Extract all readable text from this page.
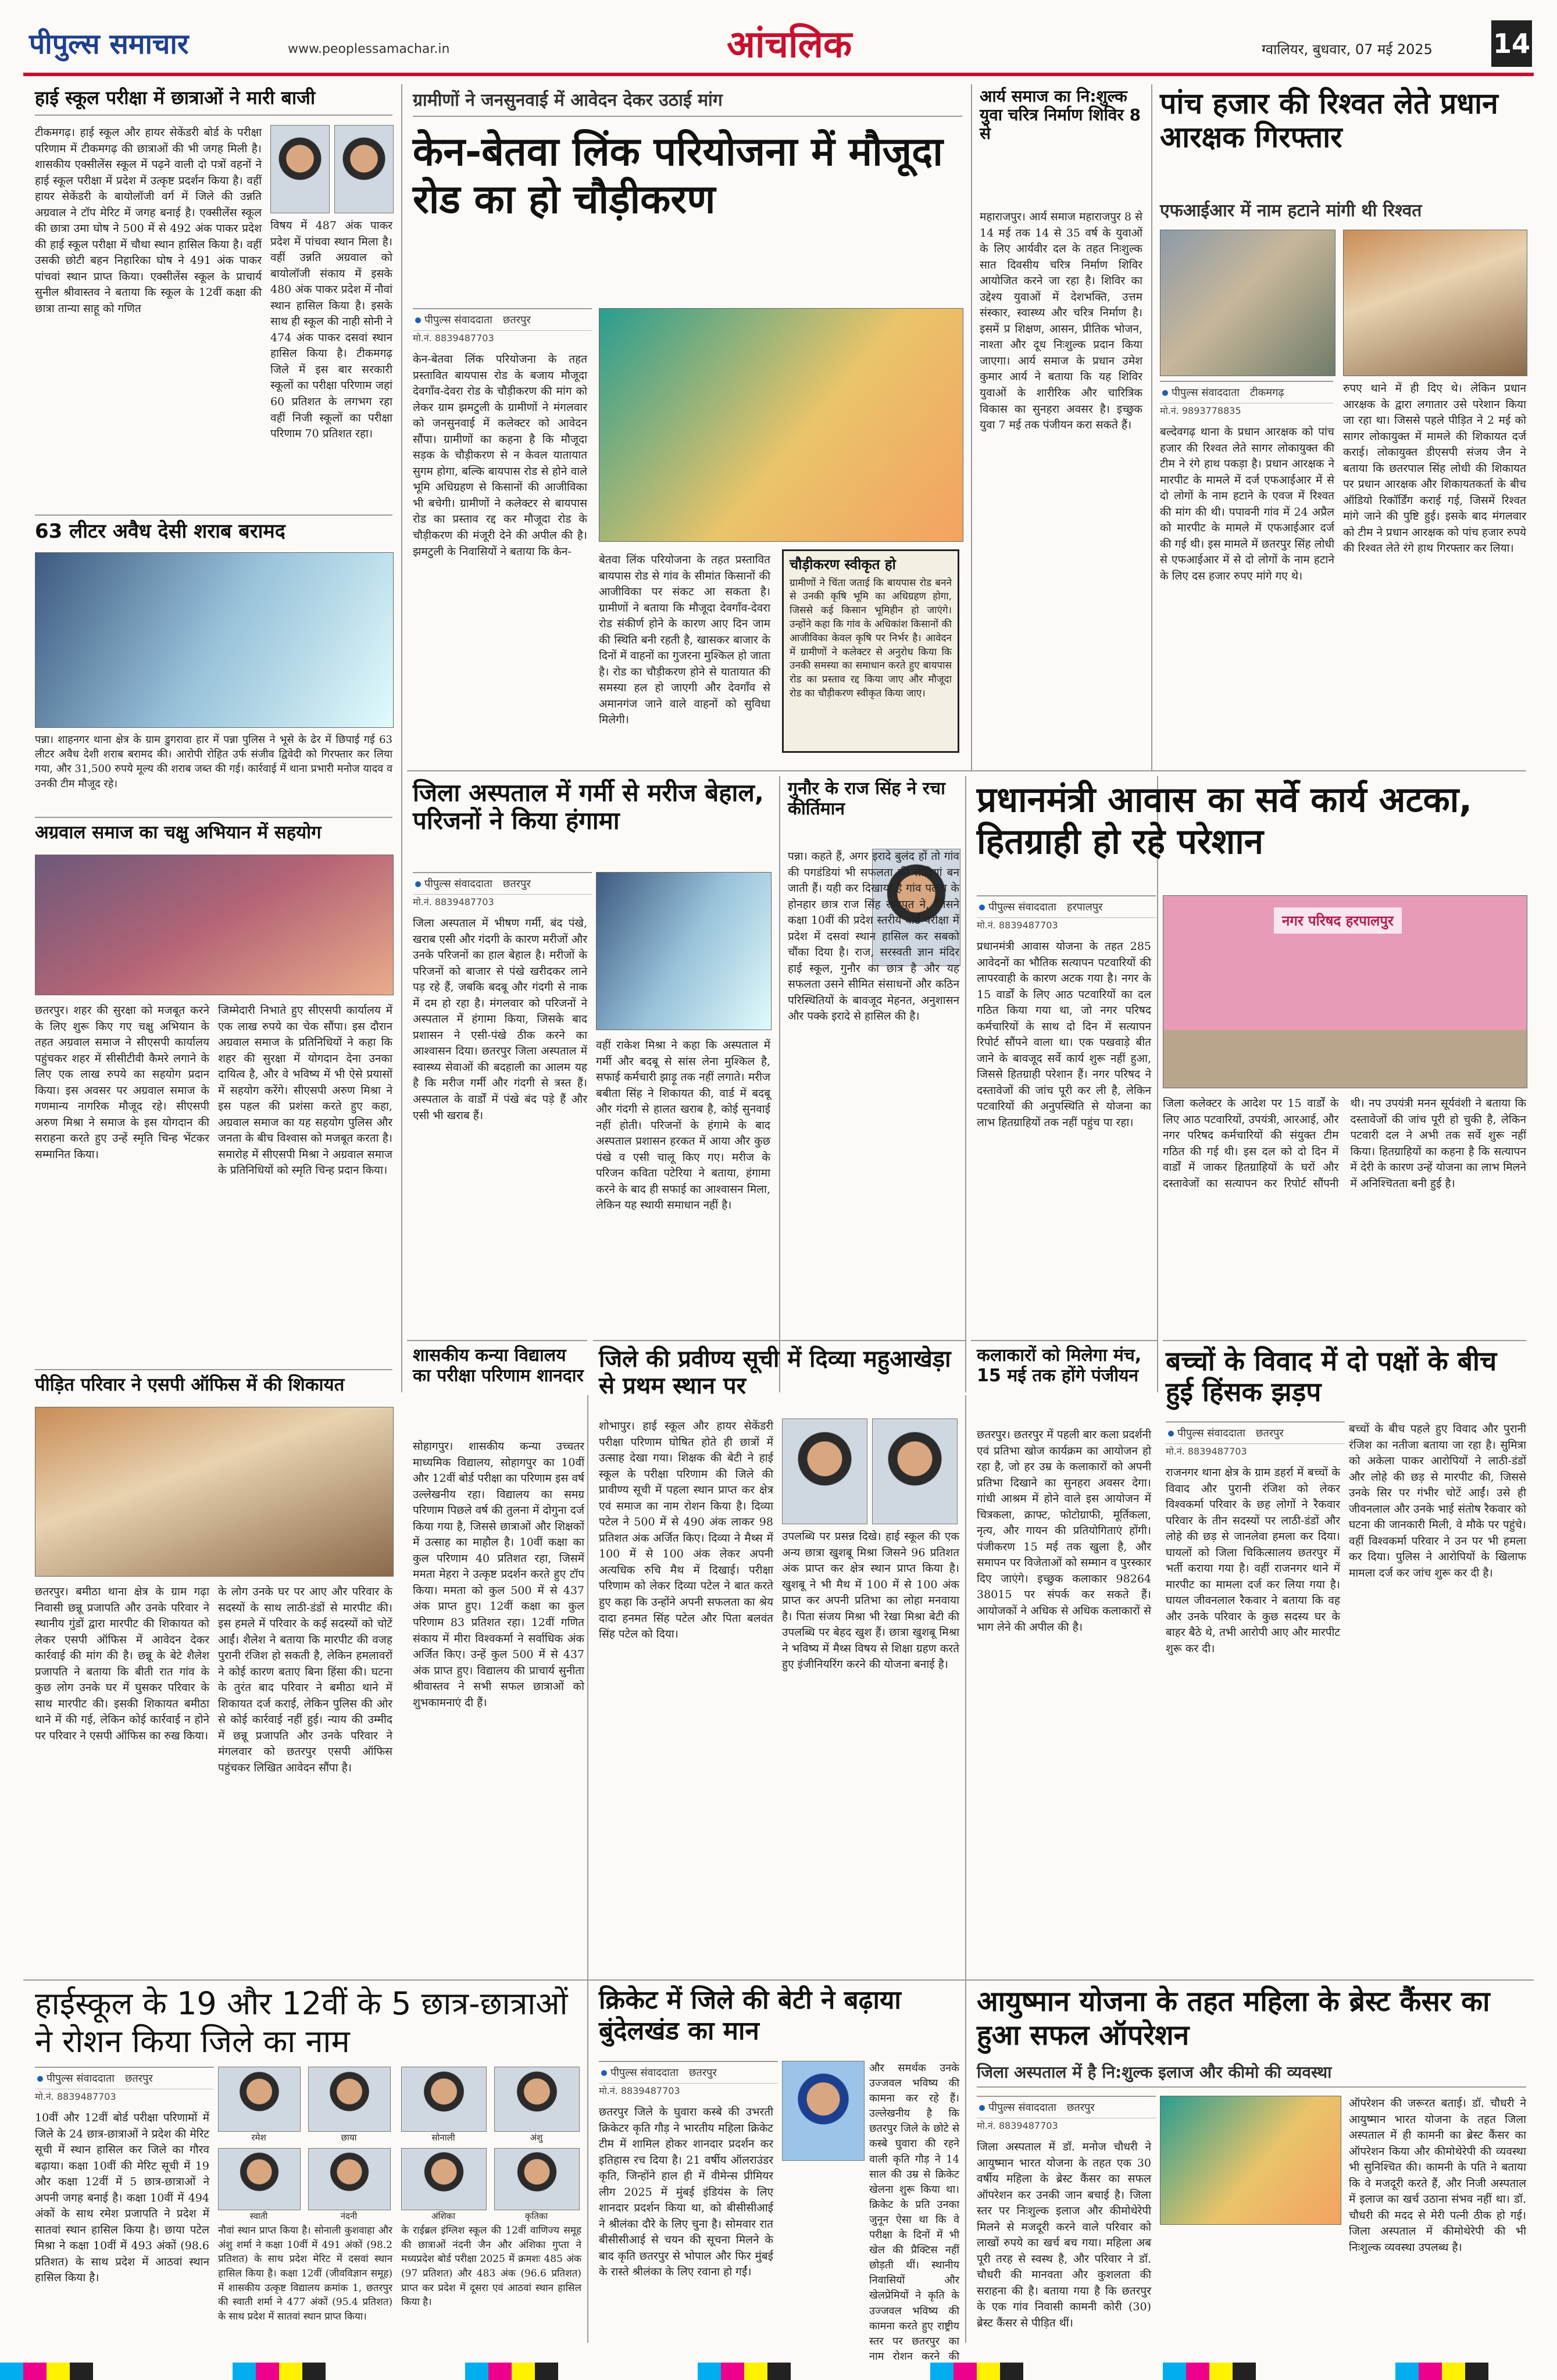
पीपुल्स समाचार	www.peoplessamachar.in	आंचलिक	ग्वालियर, बुधवार, 07 मई 2025 14
हाई स्कूल परीक्षा में छात्राओं ने मारी बाजी
टीकमगढ़। हाई स्कूल और हायर सेकेंडरी बोर्ड के परीक्षा परिणाम में टीकमगढ़ की छात्राओं की भी जगह मिली है। शासकीय एक्सीलेंस स्कूल में पढ़ने वाली दो पत्रों वहनों ने हाई स्कूल परीक्षा में प्रदेश में उत्कृष्ट प्रदर्शन किया है। वहीं हायर सेकेंडरी के बायोलॉजी वर्ग में जिले की उन्नति अग्रवाल ने टॉप मेरिट में जगह बनाई है। एक्सीलेंस स्कूल की छात्रा उमा घोष ने 500 में से 492 अंक पाकर प्रदेश की हाई स्कूल परीक्षा में चौथा स्थान हासिल किया है। वहीं उसकी छोटी बहन निहारिका घोष ने 491 अंक पाकर पांचवां स्थान प्राप्त किया। एक्सीलेंस स्कूल के प्राचार्य सुनील श्रीवास्तव ने बताया कि स्कूल के 12वीं कक्षा की छात्रा तान्या साहू को गणित
विषय में 487 अंक पाकर प्रदेश में पांचवा स्थान मिला है। वहीं उन्नति अग्रवाल को बायोलॉजी संकाय में इसके 480 अंक पाकर प्रदेश में नौवां स्थान हासिल किया है। इसके साथ ही स्कूल की नाही सोनी ने 474 अंक पाकर दसवां स्थान हासिल किया है। टीकमगढ़ जिले में इस बार सरकारी स्कूलों का परीक्षा परिणाम जहां 60 प्रतिशत के लगभग रहा वहीं निजी स्कूलों का परीक्षा परिणाम 70 प्रतिशत रहा।
63 लीटर अवैध देसी शराब बरामद
पन्ना। शाहनगर थाना क्षेत्र के ग्राम डुगरावा हार में पन्ना पुलिस ने भूसे के ढेर में छिपाई गई 63 लीटर अवैध देशी शराब बरामद की। आरोपी रोहित उर्फ संजीव द्विवेदी को गिरफ्तार कर लिया गया, और 31,500 रुपये मूल्य की शराब जब्त की गई। कार्रवाई में थाना प्रभारी मनोज यादव व उनकी टीम मौजूद रहे।
अग्रवाल समाज का चक्षु अभियान में सहयोग
छतरपुर। शहर की सुरक्षा को मजबूत करने के लिए शुरू किए गए चक्षु अभियान के तहत अग्रवाल समाज ने सीएसपी कार्यालय पहुंचकर शहर में सीसीटीवी कैमरे लगाने के लिए एक लाख रुपये का सहयोग प्रदान किया। इस अवसर पर अग्रवाल समाज के गणमान्य नागरिक मौजूद रहे। सीएसपी अरुण मिश्रा ने समाज के इस योगदान की सराहना करते हुए उन्हें स्मृति चिन्ह भेंटकर सम्मानित किया।
जिम्मेदारी निभाते हुए सीएसपी कार्यालय में एक लाख रुपये का चेक सौंपा। इस दौरान अग्रवाल समाज के प्रतिनिधियों ने कहा कि शहर की सुरक्षा में योगदान देना उनका दायित्व है, और वे भविष्य में भी ऐसे प्रयासों में सहयोग करेंगे। सीएसपी अरुण मिश्रा ने इस पहल की प्रशंसा करते हुए कहा, अग्रवाल समाज का यह सहयोग पुलिस और जनता के बीच विश्वास को मजबूत करता है। समारोह में सीएसपी मिश्रा ने अग्रवाल समाज के प्रतिनिधियों को स्मृति चिन्ह प्रदान किया।
पीड़ित परिवार ने एसपी ऑफिस में की शिकायत
छतरपुर। बमीठा थाना क्षेत्र के ग्राम गढ़ा निवासी छन्नू प्रजापति और उनके परिवार ने स्थानीय गुंडों द्वारा मारपीट की शिकायत को लेकर एसपी ऑफिस में आवेदन देकर कार्रवाई की मांग की है। छन्नू के बेटे शैलेश प्रजापति ने बताया कि बीती रात गांव के कुछ लोग उनके घर में घुसकर परिवार के साथ मारपीट की। इसकी शिकायत बमीठा थाने में की गई, लेकिन कोई कार्रवाई न होने पर परिवार ने एसपी ऑफिस का रुख किया।
के लोग उनके घर पर आए और परिवार के सदस्यों के साथ लाठी-डंडों से मारपीट की। इस हमले में परिवार के कई सदस्यों को चोटें आईं। शैलेश ने बताया कि मारपीट की वजह पुरानी रंजिश हो सकती है, लेकिन हमलावरों ने कोई कारण बताए बिना हिंसा की। घटना के तुरंत बाद परिवार ने बमीठा थाने में शिकायत दर्ज कराई, लेकिन पुलिस की ओर से कोई कार्रवाई नहीं हुई। न्याय की उम्मीद में छन्नू प्रजापति और उनके परिवार ने मंगलवार को छतरपुर एसपी ऑफिस पहुंचकर लिखित आवेदन सौंपा है।
ग्रामीणों ने जनसुनवाई में आवेदन देकर उठाई मांग
केन-बेतवा लिंक परियोजना में मौजूदा रोड का हो चौड़ीकरण
पीपुल्स संवाददाता छतरपुर
मो.नं. 8839487703
केन-बेतवा लिंक परियोजना के तहत प्रस्तावित बायपास रोड के बजाय मौजूदा देवगाँव-देवरा रोड के चौड़ीकरण की मांग को लेकर ग्राम झमटुली के ग्रामीणों ने मंगलवार को जनसुनवाई में कलेक्टर को आवेदन सौंपा। ग्रामीणों का कहना है कि मौजूदा सड़क के चौड़ीकरण से न केवल यातायात सुगम होगा, बल्कि बायपास रोड से होने वाले भूमि अधिग्रहण से किसानों की आजीविका भी बचेगी। ग्रामीणों ने कलेक्टर से बायपास रोड का प्रस्ताव रद्द कर मौजूदा रोड के चौड़ीकरण की मंजूरी देने की अपील की है। झमटुली के निवासियों ने बताया कि केन-
बेतवा लिंक परियोजना के तहत प्रस्तावित बायपास रोड से गांव के सीमांत किसानों की आजीविका पर संकट आ सकता है। ग्रामीणों ने बताया कि मौजूदा देवगाँव-देवरा रोड संकीर्ण होने के कारण आए दिन जाम की स्थिति बनी रहती है, खासकर बाजार के दिनों में वाहनों का गुजरना मुश्किल हो जाता है। रोड का चौड़ीकरण होने से यातायात की समस्या हल हो जाएगी और देवगाँव से अमानगंज जाने वाले वाहनों को सुविधा मिलेगी।
चौड़ीकरण स्वीकृत हो
ग्रामीणों ने चिंता जताई कि बायपास रोड बनने से उनकी कृषि भूमि का अधिग्रहण होगा, जिससे कई किसान भूमिहीन हो जाएंगे। उन्होंने कहा कि गांव के अधिकांश किसानों की आजीविका केवल कृषि पर निर्भर है। आवेदन में ग्रामीणों ने कलेक्टर से अनुरोध किया कि उनकी समस्या का समाधान करते हुए बायपास रोड का प्रस्ताव रद्द किया जाए और मौजूदा रोड का चौड़ीकरण स्वीकृत किया जाए।
आर्य समाज का नि:शुल्क युवा चरित्र निर्माण शिविर 8 से
महाराजपुर। आर्य समाज महाराजपुर 8 से 14 मई तक 14 से 35 वर्ष के युवाओं के लिए आर्यवीर दल के तहत निःशुल्क सात दिवसीय चरित्र निर्माण शिविर आयोजित करने जा रहा है। शिविर का उद्देश्य युवाओं में देशभक्ति, उत्तम संस्कार, स्वास्थ्य और चरित्र निर्माण है। इसमें प्र शिक्षण, आसन, प्रीतिक भोजन, नाश्ता और दूध निःशुल्क प्रदान किया जाएगा। आर्य समाज के प्रधान उमेश कुमार आर्य ने बताया कि यह शिविर युवाओं के शारीरिक और चारित्रिक विकास का सुनहरा अवसर है। इच्छुक युवा 7 मई तक पंजीयन करा सकते हैं।
पांच हजार की रिश्वत लेते प्रधान आरक्षक गिरफ्तार
एफआईआर में नाम हटाने मांगी थी रिश्वत
पीपुल्स संवाददाता टीकमगढ़
मो.नं. 9893778835
बल्देवगढ़ थाना के प्रधान आरक्षक को पांच हजार की रिश्वत लेते सागर लोकायुक्त की टीम ने रंगे हाथ पकड़ा है। प्रधान आरक्षक ने मारपीट के मामले में दर्ज एफआईआर में से दो लोगों के नाम हटाने के एवज में रिश्वत की मांग की थी। पपावनी गांव में 24 अप्रैल को मारपीट के मामले में एफआईआर दर्ज की गई थी। इस मामले में छतरपुर सिंह लोधी से एफआईआर में से दो लोगों के नाम हटाने के लिए दस हजार रुपए मांगे गए थे।
रुपए थाने में ही दिए थे। लेकिन प्रधान आरक्षक के द्वारा लगातार उसे परेशान किया जा रहा था। जिससे पहले पीड़ित ने 2 मई को सागर लोकायुक्त में मामले की शिकायत दर्ज कराई। लोकायुक्त डीएसपी संजय जैन ने बताया कि छतरपाल सिंह लोधी की शिकायत पर प्रधान आरक्षक और शिकायतकर्ता के बीच ऑडियो रिकॉर्डिंग कराई गई, जिसमें रिश्वत मांगे जाने की पुष्टि हुई। इसके बाद मंगलवार को टीम ने प्रधान आरक्षक को पांच हजार रुपये की रिश्वत लेते रंगे हाथ गिरफ्तार कर लिया।
जिला अस्पताल में गर्मी से मरीज बेहाल, परिजनों ने किया हंगामा
पीपुल्स संवाददाता छतरपुर
मो.नं. 8839487703
जिला अस्पताल में भीषण गर्मी, बंद पंखे, खराब एसी और गंदगी के कारण मरीजों और उनके परिजनों का हाल बेहाल है। मरीजों के परिजनों को बाजार से पंखे खरीदकर लाने पड़ रहे हैं, जबकि बदबू और गंदगी से नाक में दम हो रहा है। मंगलवार को परिजनों ने अस्पताल में हंगामा किया, जिसके बाद प्रशासन ने एसी-पंखे ठीक करने का आश्वासन दिया। छतरपुर जिला अस्पताल में स्वास्थ्य सेवाओं की बदहाली का आलम यह है कि मरीज गर्मी और गंदगी से त्रस्त हैं। अस्पताल के वार्डों में पंखे बंद पड़े हैं और एसी भी खराब हैं।
वहीं राकेश मिश्रा ने कहा कि अस्पताल में गर्मी और बदबू से सांस लेना मुश्किल है, सफाई कर्मचारी झाड़ू तक नहीं लगाते। मरीज बबीता सिंह ने शिकायत की, वार्ड में बदबू और गंदगी से हालत खराब है, कोई सुनवाई नहीं होती। परिजनों के हंगामे के बाद अस्पताल प्रशासन हरकत में आया और कुछ पंखे व एसी चालू किए गए। मरीज के परिजन कविता पटेरिया ने बताया, हंगामा करने के बाद ही सफाई का आश्वासन मिला, लेकिन यह स्थायी समाधान नहीं है।
गुनौर के राज सिंह ने रचा कीर्तिमान
पन्ना। कहते हैं, अगर इरादे बुलंद हों तो गांव की पगडंडियां भी सफलता की सीढ़ियां बन जाती हैं। यही कर दिखाया है गांव पल्ला के होनहार छात्र राज सिंह राजपूत ने, जिसने कक्षा 10वीं की प्रदेश स्तरीय बोर्ड परीक्षा में प्रदेश में दसवां स्थान हासिल कर सबको चौंका दिया है। राज, सरस्वती ज्ञान मंदिर हाई स्कूल, गुनौर का छात्र है और यह सफलता उसने सीमित संसाधनों और कठिन परिस्थितियों के बावजूद मेहनत, अनुशासन और पक्के इरादे से हासिल की है।
प्रधानमंत्री आवास का सर्वे कार्य अटका, हितग्राही हो रहे परेशान
पीपुल्स संवाददाता हरपालपुर
मो.नं. 8839487703
प्रधानमंत्री आवास योजना के तहत 285 आवेदनों का भौतिक सत्यापन पटवारियों की लापरवाही के कारण अटक गया है। नगर के 15 वार्डों के लिए आठ पटवारियों का दल गठित किया गया था, जो नगर परिषद कर्मचारियों के साथ दो दिन में सत्यापन रिपोर्ट सौंपने वाला था। एक पखवाड़े बीत जाने के बावजूद सर्वे कार्य शुरू नहीं हुआ, जिससे हितग्राही परेशान हैं। नगर परिषद ने दस्तावेजों की जांच पूरी कर ली है, लेकिन पटवारियों की अनुपस्थिति से योजना का लाभ हितग्राहियों तक नहीं पहुंच पा रहा।
नगर परिषद हरपालपुर
जिला कलेक्टर के आदेश पर 15 वार्डों के लिए आठ पटवारियों, उपयंत्री, आरआई, और नगर परिषद कर्मचारियों की संयुक्त टीम गठित की गई थी। इस दल को दो दिन में वार्डों में जाकर हितग्राहियों के घरों और दस्तावेजों का सत्यापन कर रिपोर्ट सौंपनी थी। नप उपयंत्री मनन सूर्यवंशी ने बताया कि दस्तावेजों की जांच पूरी हो चुकी है, लेकिन पटवारी दल ने अभी तक सर्वे शुरू नहीं किया। हितग्राहियों का कहना है कि सत्यापन में देरी के कारण उन्हें योजना का लाभ मिलने में अनिश्चितता बनी हुई है।
शासकीय कन्या विद्यालय का परीक्षा परिणाम शानदार
सोहागपुर। शासकीय कन्या उच्चतर माध्यमिक विद्यालय, सोहागपुर का 10वीं और 12वीं बोर्ड परीक्षा का परिणाम इस वर्ष उल्लेखनीय रहा। विद्यालय का समग्र परिणाम पिछले वर्ष की तुलना में दोगुना दर्ज किया गया है, जिससे छात्राओं और शिक्षकों में उत्साह का माहौल है। 10वीं कक्षा का कुल परिणाम 40 प्रतिशत रहा, जिसमें ममता मेहरा ने उत्कृष्ट प्रदर्शन करते हुए टॉप किया। ममता को कुल 500 में से 437 अंक प्राप्त हुए। 12वीं कक्षा का कुल परिणाम 83 प्रतिशत रहा। 12वीं गणित संकाय में मीरा विश्वकर्मा ने सर्वाधिक अंक अर्जित किए। उन्हें कुल 500 में से 437 अंक प्राप्त हुए। विद्यालय की प्राचार्य सुनीता श्रीवास्तव ने सभी सफल छात्राओं को शुभकामनाएं दी हैं।
जिले की प्रवीण्य सूची में दिव्या महुआखेड़ा से प्रथम स्थान पर
शोभापुर। हाई स्कूल और हायर सेकेंडरी परीक्षा परिणाम घोषित होते ही छात्रों में उत्साह देखा गया। शिक्षक की बेटी ने हाई स्कूल के परीक्षा परिणाम की जिले की प्रावीण्य सूची में पहला स्थान प्राप्त कर क्षेत्र एवं समाज का नाम रोशन किया है। दिव्या पटेल ने 500 में से 490 अंक लाकर 98 प्रतिशत अंक अर्जित किए। दिव्या ने मैथ्स में 100 में से 100 अंक लेकर अपनी अत्यधिक रुचि मैथ में दिखाई। परीक्षा परिणाम को लेकर दिव्या पटेल ने बात करते हुए कहा कि उन्होंने अपनी सफलता का श्रेय दादा हनमत सिंह पटेल और पिता बलवंत सिंह पटेल को दिया।
उपलब्धि पर प्रसन्न दिखे। हाई स्कूल की एक अन्य छात्रा खुशबू मिश्रा जिसने 96 प्रतिशत अंक प्राप्त कर क्षेत्र स्थान प्राप्त किया है। खुशबू ने भी मैथ में 100 में से 100 अंक प्राप्त कर अपनी प्रतिभा का लोहा मनवाया है। पिता संजय मिश्रा भी रेखा मिश्रा बेटी की उपलब्धि पर बेहद खुश हैं। छात्रा खुशबू मिश्रा ने भविष्य में मैथ्स विषय से शिक्षा ग्रहण करते हुए इंजीनियरिंग करने की योजना बनाई है।
कलाकारों को मिलेगा मंच, 15 मई तक होंगे पंजीयन
छतरपुर। छतरपुर में पहली बार कला प्रदर्शनी एवं प्रतिभा खोज कार्यक्रम का आयोजन हो रहा है, जो हर उम्र के कलाकारों को अपनी प्रतिभा दिखाने का सुनहरा अवसर देगा। गांधी आश्रम में होने वाले इस आयोजन में चित्रकला, क्राफ्ट, फोटोग्राफी, मूर्तिकला, नृत्य, और गायन की प्रतियोगिताएं होंगी। पंजीकरण 15 मई तक खुला है, और समापन पर विजेताओं को सम्मान व पुरस्कार दिए जाएंगे। इच्छुक कलाकार 98264 38015 पर संपर्क कर सकते हैं। आयोजकों ने अधिक से अधिक कलाकारों से भाग लेने की अपील की है।
बच्चों के विवाद में दो पक्षों के बीच हुई हिंसक झड़प
पीपुल्स संवाददाता छतरपुर
मो.नं. 8839487703
राजनगर थाना क्षेत्र के ग्राम डहर्रा में बच्चों के विवाद और पुरानी रंजिश को लेकर विश्वकर्मा परिवार के छह लोगों ने रैकवार परिवार के तीन सदस्यों पर लाठी-डंडों और लोहे की छड़ से जानलेवा हमला कर दिया। घायलों को जिला चिकित्सालय छतरपुर में भर्ती कराया गया है। वहीं राजनगर थाने में मारपीट का मामला दर्ज कर लिया गया है। घायल जीवनलाल रैकवार ने बताया कि वह और उनके परिवार के कुछ सदस्य घर के बाहर बैठे थे, तभी आरोपी आए और मारपीट शुरू कर दी।
बच्चों के बीच पहले हुए विवाद और पुरानी रंजिश का नतीजा बताया जा रहा है। सुमित्रा को अकेला पाकर आरोपियों ने लाठी-डंडों और लोहे की छड़ से मारपीट की, जिससे उनके सिर पर गंभीर चोटें आईं। उसे ही जीवनलाल और उनके भाई संतोष रैकवार को घटना की जानकारी मिली, वे मौके पर पहुंचे। वहीं विश्वकर्मा परिवार ने उन पर भी हमला कर दिया। पुलिस ने आरोपियों के खिलाफ मामला दर्ज कर जांच शुरू कर दी है।
हाईस्कूल के 19 और 12वीं के 5 छात्र-छात्राओं ने रोशन किया जिले का नाम
पीपुल्स संवाददाता छतरपुर
मो.नं. 8839487703
10वीं और 12वीं बोर्ड परीक्षा परिणामों में जिले के 24 छात्र-छात्राओं ने प्रदेश की मेरिट सूची में स्थान हासिल कर जिले का गौरव बढ़ाया। कक्षा 10वीं की मेरिट सूची में 19 और कक्षा 12वीं में 5 छात्र-छात्राओं ने अपनी जगह बनाई है। कक्षा 10वीं में 494 अंकों के साथ रमेश प्रजापति ने प्रदेश में सातवां स्थान हासिल किया है। छाया पटेल मिश्रा ने कक्षा 10वीं में 493 अंकों (98.6 प्रतिशत) के साथ प्रदेश में आठवां स्थान हासिल किया है।
नौवां स्थान प्राप्त किया है। सोनाली कुशवाहा और अंशु शर्मा ने कक्षा 10वीं में 491 अंकों (98.2 प्रतिशत) के साथ प्रदेश मेरिट में दसवां स्थान हासिल किया है। कक्षा 12वीं (जीवविज्ञान समूह) में शासकीय उत्कृष्ट विद्यालय क्रमांक 1, छतरपुर की स्वाती शर्मा ने 477 अंकों (95.4 प्रतिशत) के साथ प्रदेश में सातवां स्थान प्राप्त किया।
के राईब्रल इंग्लिश स्कूल की 12वीं वाणिज्य समूह की छात्राओं नंदनी जैन और अंशिका गुप्ता ने मध्यप्रदेश बोर्ड परीक्षा 2025 में क्रमशः 485 अंक (97 प्रतिशत) और 483 अंक (96.6 प्रतिशत) प्राप्त कर प्रदेश में दूसरा एवं आठवां स्थान हासिल किया है।
रमेश	छाया	सोनाली	अंशु
स्वाती	नंदनी	अंशिका	कृतिका
क्रिकेट में जिले की बेटी ने बढ़ाया बुंदेलखंड का मान
पीपुल्स संवाददाता छतरपुर
मो.नं. 8839487703
छतरपुर जिले के घुवारा कस्बे की उभरती क्रिकेटर कृति गौड़ ने भारतीय महिला क्रिकेट टीम में शामिल होकर शानदार प्रदर्शन कर इतिहास रच दिया है। 21 वर्षीय ऑलराउंडर कृति, जिन्होंने हाल ही में वीमेन्स प्रीमियर लीग 2025 में मुंबई इंडियंस के लिए शानदार प्रदर्शन किया था, को बीसीसीआई ने श्रीलंका दौरे के लिए चुना है। सोमवार रात बीसीसीआई से चयन की सूचना मिलने के बाद कृति छतरपुर से भोपाल और फिर मुंबई के रास्ते श्रीलंका के लिए रवाना हो गईं।
और समर्थक उनके उज्जवल भविष्य की कामना कर रहे हैं। उल्लेखनीय है कि छतरपुर जिले के छोटे से कस्बे घुवारा की रहने वाली कृति गौड़ ने 14 साल की उम्र से क्रिकेट खेलना शुरू किया था। क्रिकेट के प्रति उनका जुनून ऐसा था कि वे परीक्षा के दिनों में भी खेल की प्रैक्टिस नहीं छोड़ती थीं। स्थानीय निवासियों और खेलप्रेमियों ने कृति के उज्जवल भविष्य की कामना करते हुए राष्ट्रीय स्तर पर छतरपुर का नाम रोशन करने की
आयुष्मान योजना के तहत महिला के ब्रेस्ट कैंसर का हुआ सफल ऑपरेशन
जिला अस्पताल में है नि:शुल्क इलाज और कीमो की व्यवस्था
पीपुल्स संवाददाता छतरपुर
मो.नं. 8839487703
जिला अस्पताल में डॉ. मनोज चौधरी ने आयुष्मान भारत योजना के तहत एक 30 वर्षीय महिला के ब्रेस्ट कैंसर का सफल ऑपरेशन कर उनकी जान बचाई है। जिला स्तर पर निःशुल्क इलाज और कीमोथेरेपी मिलने से मजदूरी करने वाले परिवार को लाखों रुपये का खर्च बच गया। महिला अब पूरी तरह से स्वस्थ है, और परिवार ने डॉ. चौधरी की मानवता और कुशलता की सराहना की है। बताया गया है कि छतरपुर के एक गांव निवासी कामनी कोरी (30) ब्रेस्ट कैंसर से पीड़ित थीं।
ऑपरेशन की जरूरत बताई। डॉ. चौधरी ने आयुष्मान भारत योजना के तहत जिला अस्पताल में ही कामनी का ब्रेस्ट कैंसर का ऑपरेशन किया और कीमोथेरेपी की व्यवस्था भी सुनिश्चित की। कामनी के पति ने बताया कि वे मजदूरी करते हैं, और निजी अस्पताल में इलाज का खर्च उठाना संभव नहीं था। डॉ. चौधरी की मदद से मेरी पत्नी ठीक हो गई। जिला अस्पताल में कीमोथेरेपी की भी निःशुल्क व्यवस्था उपलब्ध है।
